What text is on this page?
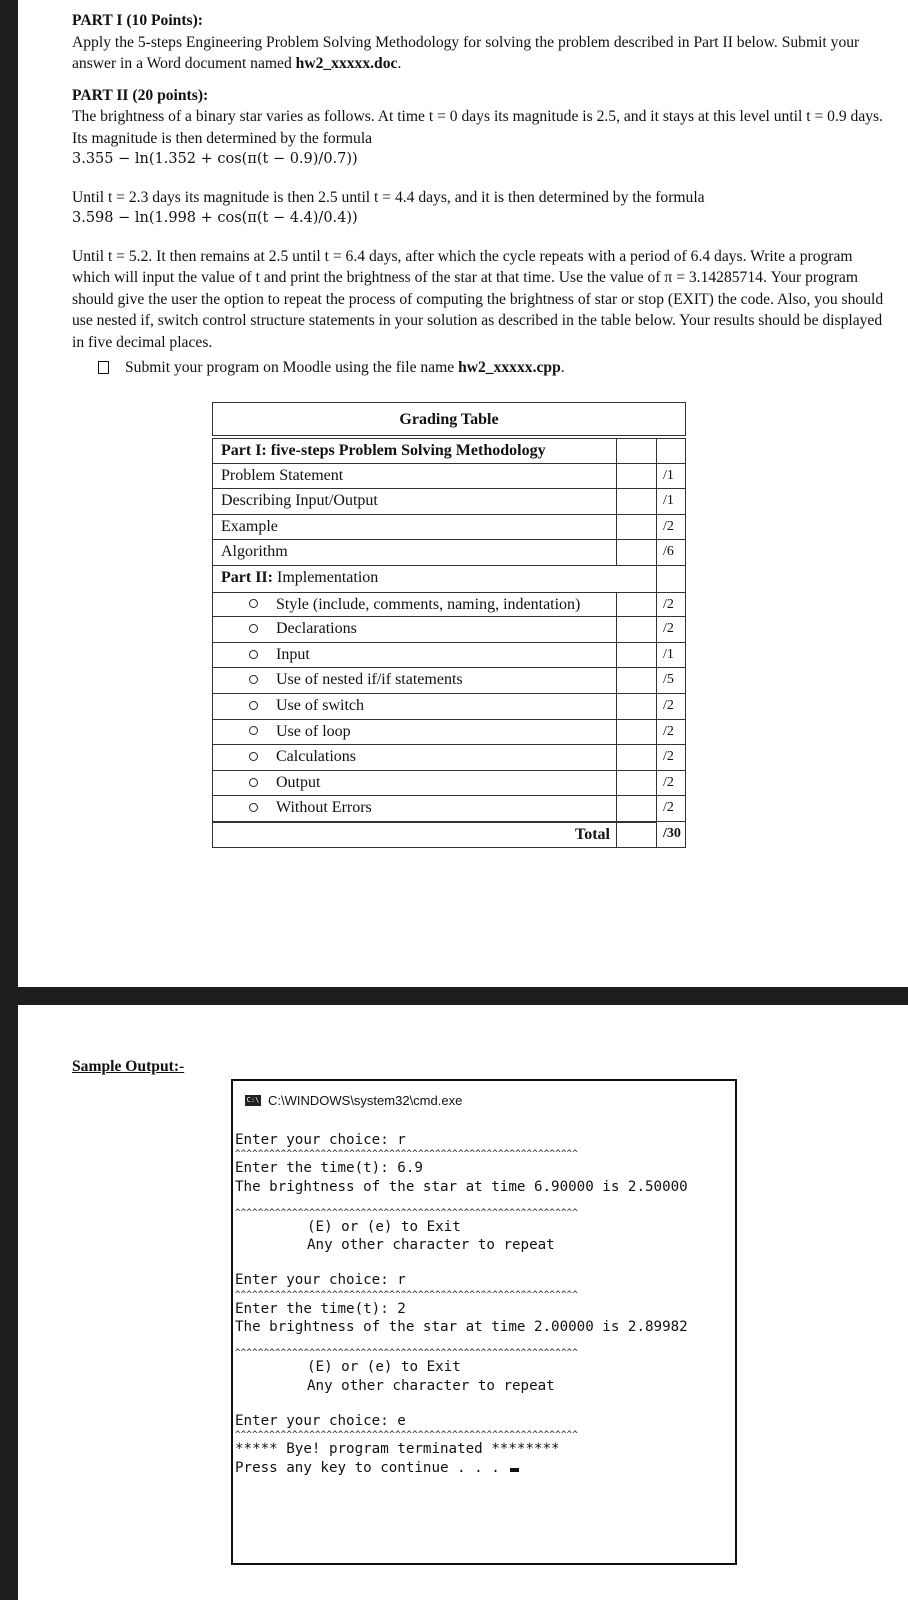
PART I (10 Points):

Apply the 5-steps Engineering Problem Solving Methodology for solving the problem described in Part II below. Submit your answer in a Word document named hw2_xxxxx.doc.

PART II (20 points):

The brightness of a binary star varies as follows. At time t = 0 days its magnitude is 2.5, and it stays at this level until t = 0.9 days. Its magnitude is then determined by the formula

3.355 − ln(1.352 + cos(π(t − 0.9)/0.7))

Until t = 2.3 days its magnitude is then 2.5 until t = 4.4 days, and it is then determined by the formula

3.598 − ln(1.998 + cos(π(t − 4.4)/0.4))

Until t = 5.2. It then remains at 2.5 until t = 6.4 days, after which the cycle repeats with a period of 6.4 days. Write a program which will input the value of t and print the brightness of the star at that time. Use the value of π = 3.14285714. Your program should give the user the option to repeat the process of computing the brightness of star or stop (EXIT) the code. Also, you should use nested if, switch control structure statements in your solution as described in the table below. Your results should be displayed in five decimal places.

Submit your program on Moodle using the file name hw2_xxxxx.cpp.
Grading Table
Part I: five-steps Problem Solving Methodology
Problem Statement	/1
Describing Input/Output	/1
Example	/2
Algorithm	/6
Part II: Implementation
Style (include, comments, naming, indentation)	/2
Declarations	/2
Input	/1
Use of nested if/if statements	/5
Use of switch	/2
Use of loop	/2
Calculations	/2
Output	/2
Without Errors	/2
Total	/30
Sample Output:-
C:\ C:\WINDOWS\system32\cmd.exe
Enter your choice: r
^^^^^^^^^^^^^^^^^^^^^^^^^^^^^^^^^^^^^^^^^^^^^^^^^^^^^^^^^^^^
Enter the time(t): 6.9
The brightness of the star at time 6.90000 is 2.50000
^^^^^^^^^^^^^^^^^^^^^^^^^^^^^^^^^^^^^^^^^^^^^^^^^^^^^^^^^^^^
(E) or (e) to Exit
Any other character to repeat
Enter your choice: r
^^^^^^^^^^^^^^^^^^^^^^^^^^^^^^^^^^^^^^^^^^^^^^^^^^^^^^^^^^^^
Enter the time(t): 2
The brightness of the star at time 2.00000 is 2.89982
^^^^^^^^^^^^^^^^^^^^^^^^^^^^^^^^^^^^^^^^^^^^^^^^^^^^^^^^^^^^
(E) or (e) to Exit
Any other character to repeat
Enter your choice: e
^^^^^^^^^^^^^^^^^^^^^^^^^^^^^^^^^^^^^^^^^^^^^^^^^^^^^^^^^^^^
***** Bye! program terminated ********
Press any key to continue . . .
